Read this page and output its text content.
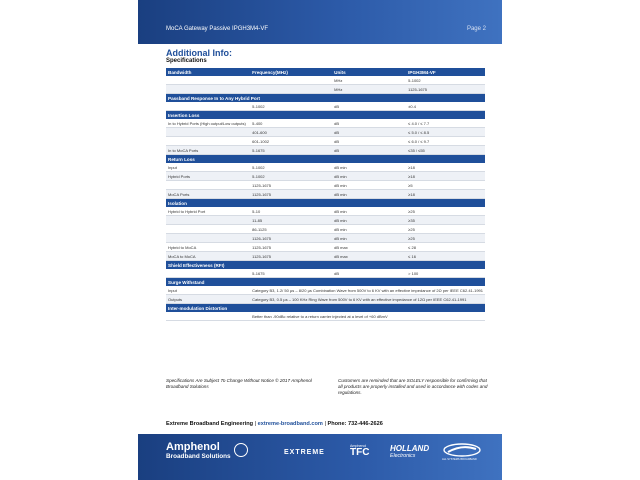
MoCA Gateway Passive IPGH3M4-VF	Page 2
Additional Info:
Specifications
Bandwidth	Frequency(MHz)	Units	IPGH3M4-VF
		MHz	5-1002
		MHz	1125-1675
Passband Response In to Any Hybrid Port			
	5-1002	dB	±0.4
Insertion Loss			
In to Hybrid Ports (High output/Low outputs)	5-400	dB	≤ 4.0 / ≤ 7.7
	401-600	dB	≤ 5.0 / ≤ 8.5
	601-1002	dB	≤ 6.0 / ≤ 9.7
In to MoCA Ports	5-1675	dB	≤35 / ≤55
Return Loss			
Input	5-1002	dB min	≥18
Hybrid Ports	5-1002	dB min	≥18
	1125-1675	dB min	≥5
MoCA Ports	1125-1675	dB min	≥18
Isolation			
Hybrid to Hybrid Port	5-10	dB min	≥25
	11-85	dB min	≥35
	86-1125	dB min	≥25
	1126-1675	dB min	≥25
Hybrid to MoCA	1125-1675	dB max	≤ 28
MoCA to MoCA	1125-1675	dB max	≤ 16
Shield Effectiveness (RFI)			
	5-1675	dB	> 100
Surge Withstand			
Input	Category B3, 1.2/ 50 µs – 8/20 µs Combination Wave from 500V to 6 KV with an effective impedance of 2Ω per IEEE C62.41-1991		
Outputs	Category B3, 0.5 µs – 100 KHz Ring Wave from 500V to 6 KV with an effective impedance of 12Ω per IEEE C62.41-1991		
Inter-modulation Distortion			
	Better than -90dBc relative to a return carrier injected at a level of +60 dBmV		
Specifications Are Subject To Change Without Notice © 2017 Amphenol Broadband Solutions
Customers are reminded that are SOLELY responsible for confirming that all products are properly installed and used in accordance with codes and regulations.
Extreme Broadband Engineering | extreme-broadband.com | Phone: 732-446-2626
Amphenol
Broadband Solutions
EXTREME
Amphenol
TFC	HOLLAND
Electronics
ALL SYSTEMS BROADBAND
